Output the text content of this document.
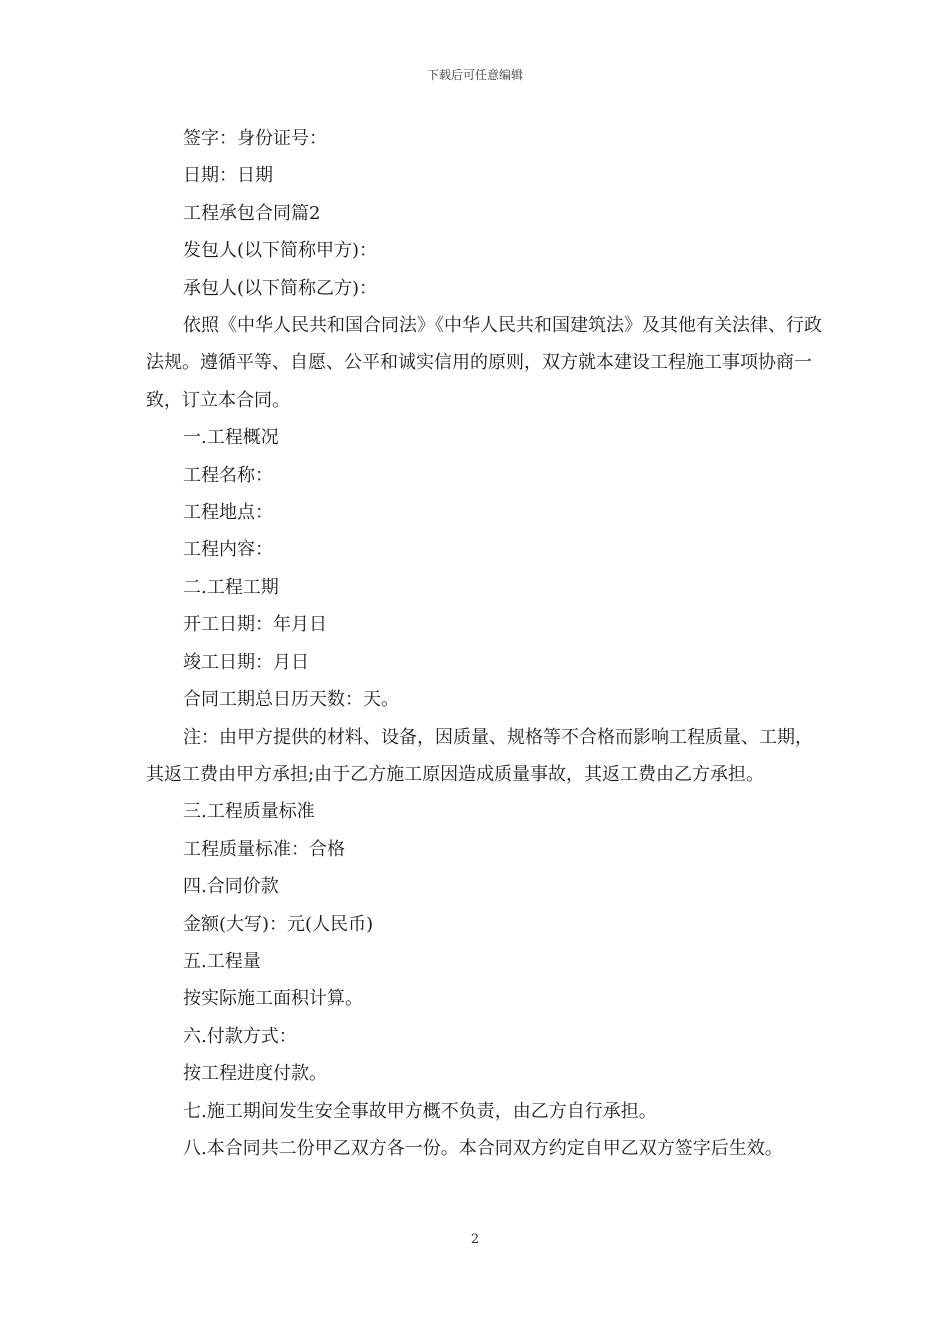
下载后可任意编辑

签字：身份证号：

日期：日期

工程承包合同篇2

发包人(以下简称甲方)：

承包人(以下简称乙方)：

依照《中华人民共和国合同法》《中华人民共和国建筑法》及其他有关法律、行政法规。遵循平等、自愿、公平和诚实信用的原则，双方就本建设工程施工事项协商一致，订立本合同。

一.工程概况

工程名称：

工程地点：

工程内容：

二.工程工期

开工日期：年月日

竣工日期：月日

合同工期总日历天数：天。

注：由甲方提供的材料、设备，因质量、规格等不合格而影响工程质量、工期，其返工费由甲方承担;由于乙方施工原因造成质量事故，其返工费由乙方承担。

三.工程质量标准

工程质量标准：合格

四.合同价款

金额(大写)：元(人民币)

五.工程量

按实际施工面积计算。

六.付款方式：

按工程进度付款。

七.施工期间发生安全事故甲方概不负责，由乙方自行承担。

八.本合同共二份甲乙双方各一份。本合同双方约定自甲乙双方签字后生效。

2
